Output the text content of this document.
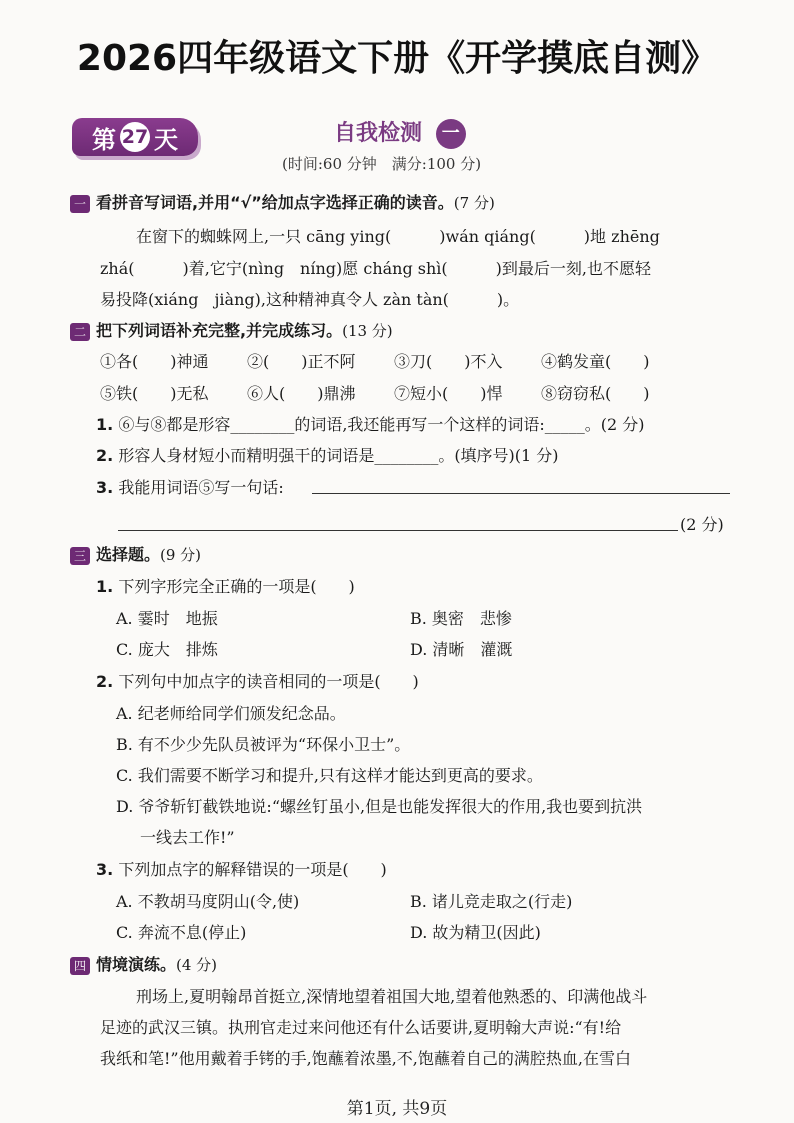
2026四年级语文下册《开学摸底自测》
第 27 天	自我检测 一
(时间:60 分钟　满分:100 分)
一 看拼音写词语,并用“√”给加点字选择正确的读音。(7 分)
在窗下的蜘蛛网上,一只 cāng ying(　　　)wán qiáng(　　　)地 zhēng
zhá(　　　)着,它宁(nìng　níng)愿 cháng shì(　　　)到最后一刻,也不愿轻
易投降(xiáng　jiàng),这种精神真令人 zàn tàn(　　　)。
二 把下列词语补充完整,并完成练习。(13 分)
①各(　　)神通 ②(　　)正不阿 ③刀(　　)不入 ④鹤发童(　　)
⑤铁(　　)无私 ⑥人(　　)鼎沸 ⑦短小(　　)悍 ⑧窃窃私(　　)
1. ⑥与⑧都是形容________的词语,我还能再写一个这样的词语:_____。(2 分)
2. 形容人身材短小而精明强干的词语是________。(填序号)(1 分)
3. 我能用词语⑤写一句话:
(2 分)
三 选择题。(9 分)
1. 下列字形完全正确的一项是(　　)
A. 霎时　地振	B. 奥密　悲惨
C. 庞大　排炼	D. 清晰　灌溉
2. 下列句中加点字的读音相同的一项是(　　)
A. 纪老师给同学们颁发纪念品。
B. 有不少少先队员被评为“环保小卫士”。
C. 我们需要不断学习和提升,只有这样才能达到更高的要求。
D. 爷爷斩钉截铁地说:“螺丝钉虽小,但是也能发挥很大的作用,我也要到抗洪
一线去工作!”
3. 下列加点字的解释错误的一项是(　　)
A. 不教胡马度阴山(令,使)	B. 诸儿竞走取之(行走)
C. 奔流不息(停止)	D. 故为精卫(因此)
四 情境演练。(4 分)
刑场上,夏明翰昂首挺立,深情地望着祖国大地,望着他熟悉的、印满他战斗
足迹的武汉三镇。执刑官走过来问他还有什么话要讲,夏明翰大声说:“有!给
我纸和笔!”他用戴着手铐的手,饱蘸着浓墨,不,饱蘸着自己的满腔热血,在雪白
第1页, 共9页
